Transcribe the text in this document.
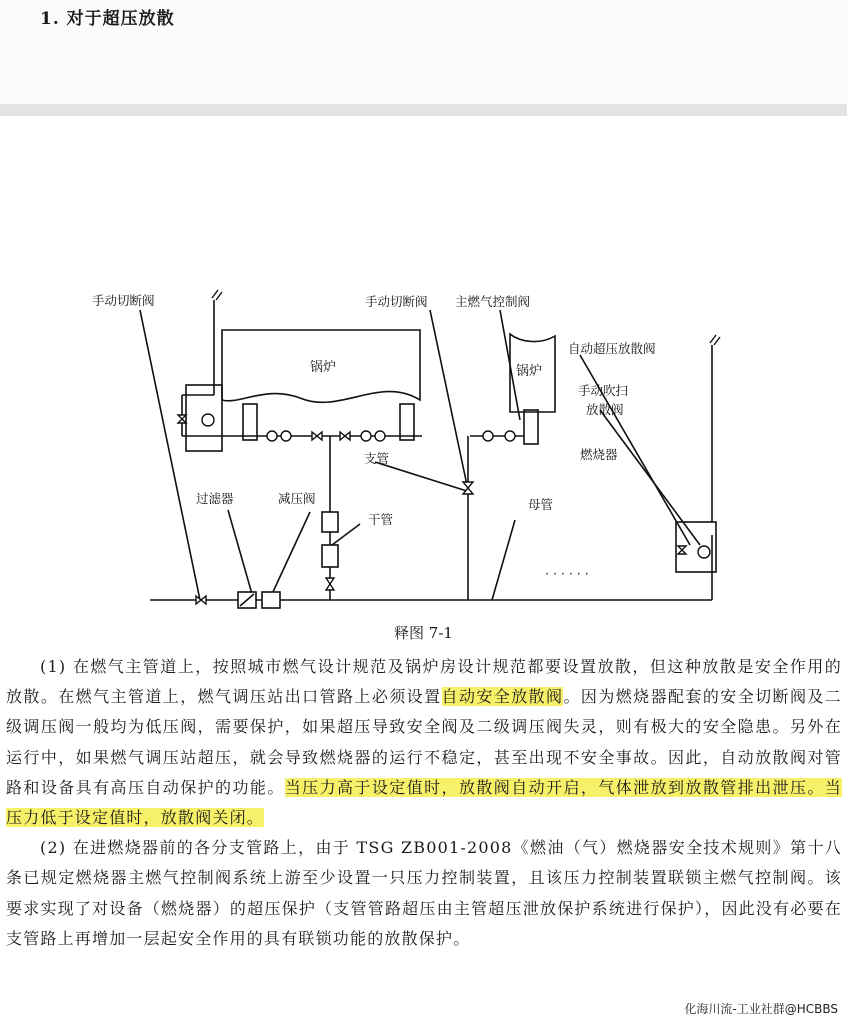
1. 对于超压放散
手动切断阀	手动切断阀 主燃气控制阀
锅炉	锅炉
自动超压放散阀
手动吹扫
放散阀
支管	燃烧器
过滤器	减压阀
干管
母管
· · · · · ·
释图 7-1

(1) 在燃气主管道上，按照城市燃气设计规范及锅炉房设计规范都要设置放散，但这种放散是安全作用的放散。在燃气主管道上，燃气调压站出口管路上必须设置自动安全放散阀。因为燃烧器配套的安全切断阀及二级调压阀一般均为低压阀，需要保护，如果超压导致安全阀及二级调压阀失灵，则有极大的安全隐患。另外在运行中，如果燃气调压站超压，就会导致燃烧器的运行不稳定，甚至出现不安全事故。因此，自动放散阀对管路和设备具有高压自动保护的功能。当压力高于设定值时，放散阀自动开启，气体泄放到放散管排出泄压。当压力低于设定值时，放散阀关闭。

(2) 在进燃烧器前的各分支管路上，由于 TSG ZB001-2008《燃油（气）燃烧器安全技术规则》第十八条已规定燃烧器主燃气控制阀系统上游至少设置一只压力控制装置，且该压力控制装置联锁主燃气控制阀。该要求实现了对设备（燃烧器）的超压保护（支管管路超压由主管超压泄放保护系统进行保护），因此没有必要在支管路上再增加一层起安全作用的具有联锁功能的放散保护。

化海川流-工业社群@HCBBS
